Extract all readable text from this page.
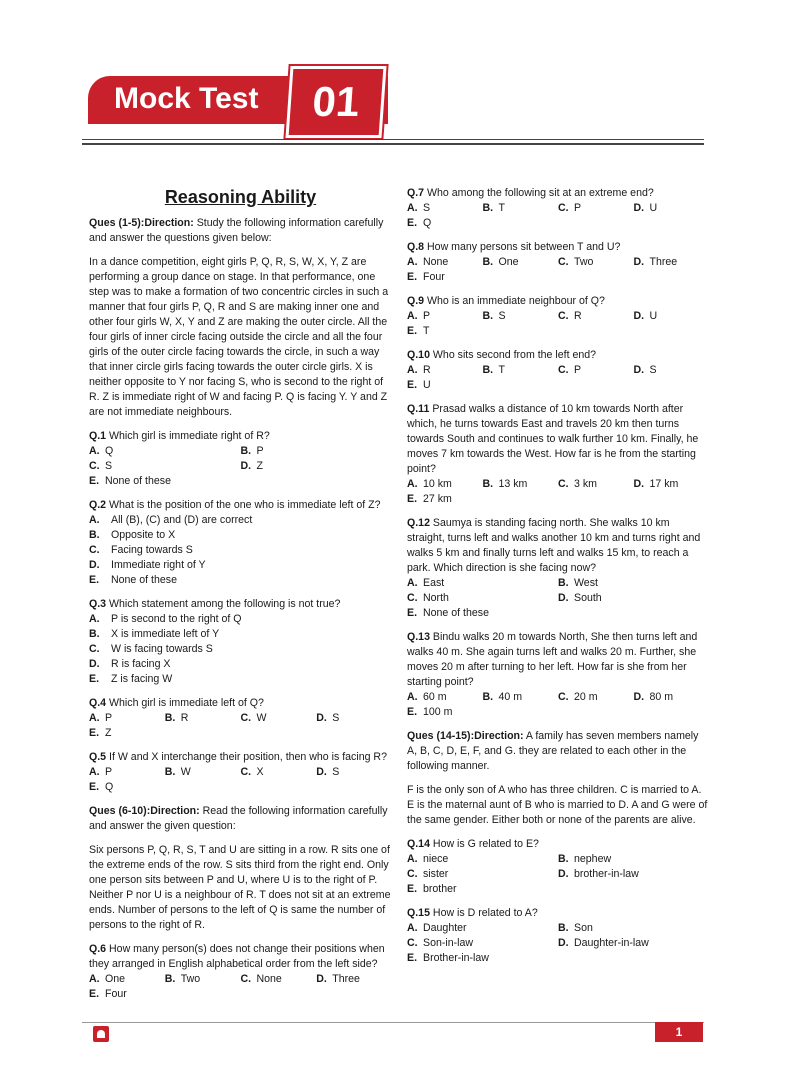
Mock Test	01
Reasoning Ability

Ques (1-5):Direction: Study the following information carefully and answer the questions given below:

In a dance competition, eight girls P, Q, R, S, W, X, Y, Z are performing a group dance on stage. In that performance, one step was to make a formation of two concentric circles in such a manner that four girls P, Q, R and S are making inner one and other four girls W, X, Y and Z are making the outer circle. All the four girls of inner circle facing outside the circle and all the four girls of the outer circle facing towards the circle, in such a way that inner circle girls facing towards the outer circle girls. X is neither opposite to Y nor facing S, who is second to the right of R. Z is immediate right of W and facing P. Q is facing Y. Y and Z are not immediate neighbours.

Q.1 Which girl is immediate right of R?
A. Q	B. P
C. S	D. Z
E. None of these
Q.2 What is the position of the one who is immediate left of Z?
A.	All (B), (C) and (D) are correct
B.	Opposite to X
C.	Facing towards S
D.	Immediate right of Y
E.	None of these
Q.3 Which statement among the following is not true?
A.	P is second to the right of Q
B.	X is immediate left of Y
C.	W is facing towards S
D.	R is facing X
E.	Z is facing W
Q.4 Which girl is immediate left of Q?
A. P	B. R	C. W	D. S
E. Z
Q.5 If W and X interchange their position, then who is facing R?
A. P	B. W	C. X	D. S
E. Q

Ques (6-10):Direction: Read the following information carefully and answer the given question:

Six persons P, Q, R, S, T and U are sitting in a row. R sits one of the extreme ends of the row. S sits third from the right end. Only one person sits between P and U, where U is to the right of P. Neither P nor U is a neighbour of R. T does not sit at an extreme ends. Number of persons to the left of Q is same the number of persons to the right of R.

Q.6 How many person(s) does not change their positions when they arranged in English alphabetical order from the left side?
A. One	B. Two	C. None	D. Three
E. Four
Q.7 Who among the following sit at an extreme end?
A. S	B. T	C. P	D. U
E. Q
Q.8 How many persons sit between T and U?
A. None	B. One	C. Two	D. Three
E. Four
Q.9 Who is an immediate neighbour of Q?
A. P	B. S	C. R	D. U
E. T
Q.10 Who sits second from the left end?
A. R	B. T	C. P	D. S
E. U
Q.11 Prasad walks a distance of 10 km towards North after which, he turns towards East and travels 20 km then turns towards South and continues to walk further 10 km. Finally, he moves 7 km towards the West. How far is he from the starting point?
A. 10 km	B. 13 km	C. 3 km	D. 17 km
E. 27 km
Q.12 Saumya is standing facing north. She walks 10 km straight, turns left and walks another 10 km and turns right and walks 5 km and finally turns left and walks 15 km, to reach a park. Which direction is she facing now?
A. East	B. West
C. North	D. South
E. None of these
Q.13 Bindu walks 20 m towards North, She then turns left and walks 40 m. She again turns left and walks 20 m. Further, she moves 20 m after turning to her left. How far is she from her starting point?
A. 60 m	B. 40 m	C. 20 m	D. 80 m
E. 100 m

Ques (14-15):Direction: A family has seven members namely A, B, C, D, E, F, and G. they are related to each other in the following manner.

F is the only son of A who has three children. C is married to A. E is the maternal aunt of B who is married to D. A and G were of the same gender. Either both or none of the parents are alive.

Q.14 How is G related to E?
A. niece	B. nephew
C. sister	D. brother-in-law
E. brother
Q.15 How is D related to A?
A. Daughter	B. Son
C. Son-in-law	D. Daughter-in-law
E. Brother-in-law
1
